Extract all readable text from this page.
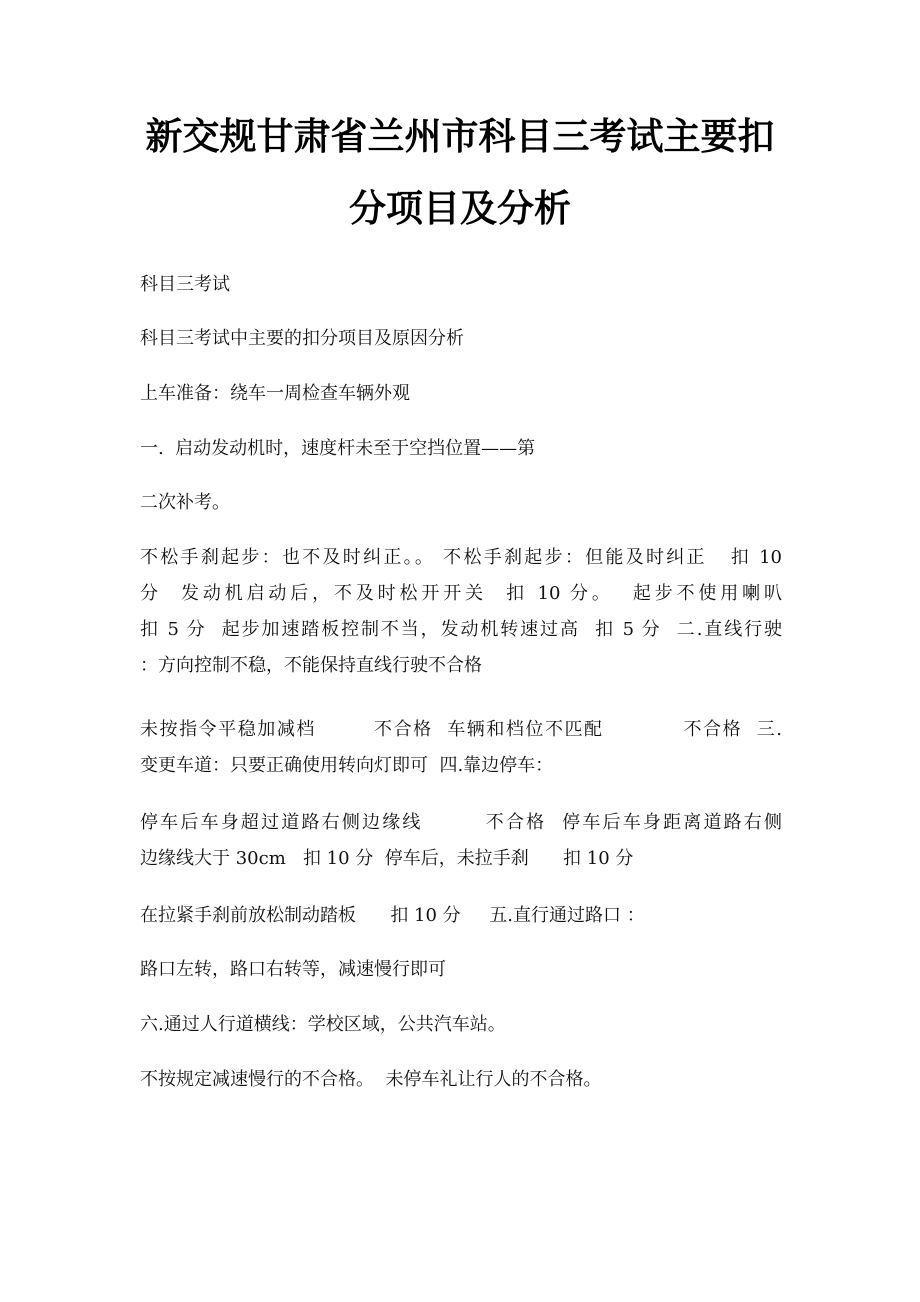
新交规甘肃省兰州市科目三考试主要扣
分项目及分析
科目三考试
科目三考试中主要的扣分项目及原因分析
上车准备：绕车一周检查车辆外观
一.  启动发动机时，速度杆未至于空挡位置——第
二次补考。
不松手刹起步：也不及时纠正。。 不松手刹起步：但能及时纠正   扣 10
分  发动机启动后，不及时松开开关  扣 10 分。  起步不使用喇叭
扣 5 分  起步加速踏板控制不当，发动机转速过高  扣 5 分  二.直线行驶
：方向控制不稳，不能保持直线行驶不合格
未按指令平稳加减档        不合格  车辆和档位不匹配           不合格  三.
变更车道：只要正确使用转向灯即可  四.靠边停车：
停车后车身超过道路右侧边缘线        不合格  停车后车身距离道路右侧
边缘线大于 30cm   扣 10 分  停车后，未拉手刹      扣 10 分
在拉紧手刹前放松制动踏板      扣 10 分     五.直行通过路口 ：
路口左转，路口右转等，减速慢行即可
六.通过人行道横线：学校区域，公共汽车站。
不按规定减速慢行的不合格。  未停车礼让行人的不合格。
